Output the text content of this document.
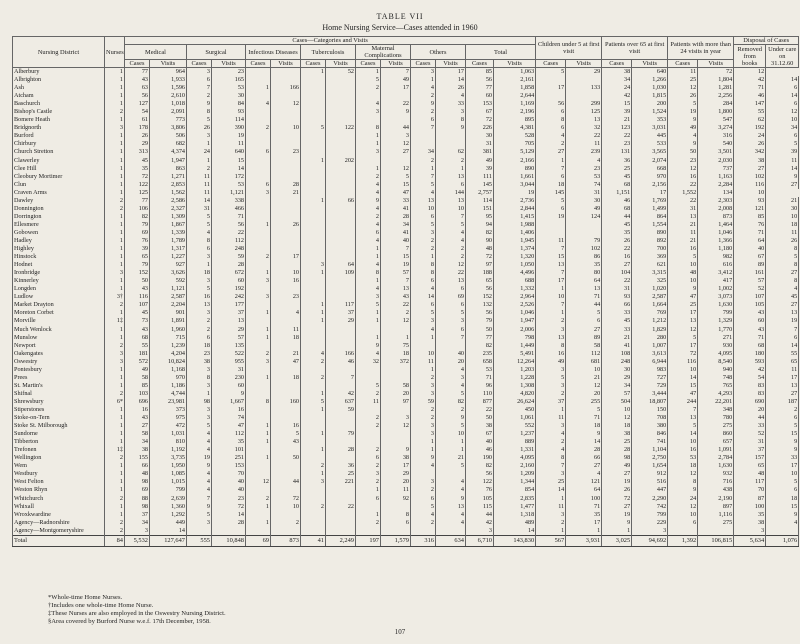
TABLE VII
Home Nursing Service—Cases attended in 1960
Nursing District	Nurses	Cases—Categories and Visits														Children under 5 at first visit		Patients over 65 at first visit		Patients with more than 24 visits in year		Disposal of Cases	
		Medical		Surgical		Infectious Diseases		Tuberculosis		Maternal Complications		Others		Total								Removed from books	Under care on 31.12.60
		Cases	Visits	Cases	Visits	Cases	Visits	Cases	Visits	Cases	Visits	Cases	Visits	Cases	Visits	Cases	Visits	Cases	Visits	Cases	Visits		
Alberbury	1	77	964	3	23			1	52	1	7	3	17	85	1,063	5	29	38	640	11	72	12	
Albrighton	1	43	1,933	6	165					5	49	1	14	56	2,161			34	1,266	25	1,804	42	14
Ash	1	63	1,596	7	53	1	166			2	17	4	26	77	1,858	17	133	24	1,030	12	1,281	71	6
Atcham	1	56	2,610	2	30							2	4	60	2,644			42	1,815	26	2,256	46	14
Baschurch	1	127	1,018	9	84	4	12			4	22	9	33	153	1,169	56	299	15	200	5	284	147	6
Bishop's Castle	2	54	2,091	8	93					3	9	2	3	67	2,196	6	125	39	1,524	19	1,800	55	12
Bomere Heath	1	61	773	5	114							6	8	72	895	8	13	21	353	9	547	62	10
Bridgnorth	3	178	3,806	26	390	2	10	5	122	8	44	7	9	226	4,381	6	32	123	3,031	49	3,274	192	34
Burford	1	26	506	3	19					1	3			30	528	4	22	22	445	4	316	24	6
Chirbury	1	29	682	1	11					1	12			31	705	2	11	23	533	9	540	26	5
Church Stretton	1	313	4,374	24	640	6	23			3	27	34	62	381	5,129	27	239	131	3,565	50	3,501	342	39
Clawerley	1	45	1,947	1	15			1	202			2	2	49	2,166	1	4	36	2,074	23	2,030	38	11
Clee Hill	1	35	863	2	14					1	12	1	1	39	890	7	23	25	668	12	737	27	14
Cleobury Mortimer	1	72	1,271	11	172					2	5	7	13	111	1,661	6	53	45	970	16	1,163	102	9
Clun	1	122	2,853	11	53	6	28			4	15	5	6	145	3,044	18	74	68	2,156	22	2,284	116	27
Craven Arms	1	125	1,562	11	1,121	3	21			4	47	4	144	2,757	19	145	31	1,151	17	1,552	134	10	
Dawley	2	77	2,586	14	338			1	66	9	33	13	13	114	2,736	5	30	46	1,769	22	2,303	93	21
Donnington	2	106	2,327	31	466					4	41	10	10	151	2,844	6	49	68	1,499	31	2,008	121	30
Dorrington	1	82	1,309	5	71					2	28	6	7	95	1,415	19	124	44	864	13	873	85	10
Ellesmere	1	79	1,867	5	56	1	26			4	34	5	5	94	1,988			45	1,554	21	1,464	76	18
Gobowen	1	69	1,339	4	22					6	41	3	4	82	1,406			35	890	11	1,046	71	11
Hadley	1	76	1,789	8	112					4	40	2	4	90	1,945	11	79	26	892	21	1,366	64	26
Highley	1	39	1,317	6	248					1	7	2	2	48	1,374	7	102	22	700	16	1,180	40	8
Hinstock	1	65	1,227	3	59	2	17			1	15	1	2	72	1,320	15	86	16	369	5	982	67	5
Hodnet	1	79	927	1	28			3	64	4	19	8	12	97	1,050	13	35	27	621	10	616	89	8
Ironbridge	3	152	3,626	18	672	1	10	1	109	8	57	8	22	188	4,496	7	80	104	3,315	48	3,412	161	27
Kinnerley	1	50	592	3	60	3	16			1	7	6	13	65	688	17	64	22	325	10	417	57	8
Longden	1	43	1,121	5	192					4	13	4	6	56	1,332	1	13	31	1,020	9	1,002	52	4
Ludlow	3†	116	2,587	16	242	3	23			3	43	14	69	152	2,964	10	71	93	2,587	47	3,073	107	45
Market Drayton	2	107	2,204	13	177			1	117	5	22	6	6	132	2,526	7	44	66	1,664	25	1,630	105	27
Moreton Corbet	1	45	901	3	37	1	4	1	37	1	2	5	5	56	1,046	1	5	33	769	17	799	43	13
Morville	1‡	73	1,891	2	13			1	29	1	12	3	3	79	1,947	2	6	45	1,212	13	1,329	60	19
Much Wenlock	1	43	1,960	2	29	1	11					4	6	50	2,006	3	27	33	1,829	12	1,770	43	7
Munslow	1	68	715	6	57	1	18			1	1	1	7	77	798	13	89	21	280	5	271	71	6
Newport	2	55	1,239	18	135					9	75			82	1,449	8	58	41	1,007	17	930	68	14
Oakengates	3	181	4,204	23	522	2	21	4	166	4	18	10	40	235	5,491	16	112	108	3,613	72	4,095	180	55
Oswestry	3	572	10,824	38	955	3	47	2	46	32	372	11	20	658	12,264	49	681	248	6,944	116	8,540	593	65
Pontesbury	1	49	1,168	3	31							1	4	53	1,203	3	10	30	983	10	940	42	11
Prees	1	58	970	8	230	1	18	2	7			2	3	71	1,228	5	21	29	727	14	748	54	17
St. Martin's	1	85	1,186	3	60					5	58	3	4	96	1,308	3	12	34	729	15	765	83	13
Shifnal	2	103	4,744	1	9			1	42	2	20	3	5	110	4,820	2	20	57	3,444	47	4,293	83	27
Shrewsbury	6*	696	23,981	98	1,667	8	160	5	637	11	97	59	82	877	26,624	37	255	504	18,807	244	22,201	690	187
Stiperstones	1	16	373	3	16			1	59			2	2	22	450	1	5	10	150	7	348	20	2
Stoke-on-Tern	1	43	975	3	74					2	3	2	9	50	1,061	11	71	12	708	13	780	44	6
Stoke St. Milborough	1	27	472	5	47	1	16			2	12	3	5	38	552	3	18	18	380	5	275	33	5
Sundorne	1	58	1,031	4	112	1	5	1	79			3	10	67	1,237	4	9	38	846	14	860	52	15
Tibberton	1	34	810	4	35	1	43					1	1	40	889	2	14	25	741	10	657	31	9
Trefonen	1‡	38	1,192	4	101			1	28	2	9	1	1	46	1,331	4	28	28	1,104	16	1,091	37	9
Wellington	2	155	3,735	19	251	1	50			6	38	9	21	190	4,095	8	66	98	2,750	53	2,784	157	33
Wem	1	66	1,950	9	153			2	36	2	17	4	5	82	2,160	7	27	49	1,654	18	1,630	65	17
Westbury	1	48	1,085	4	70			1	25	3	29			56	1,209	3	4	27	912	12	932	48	10
West Felton	1	98	1,015	4	40	12	44	3	221	2	20	3	4	122	1,344	25	121	19	516	8	716	117	5
Weston Rhyn	1	69	799	4	40					1	11	2	4	76	854	14	64	26	447	9	438	70	6
Whitchurch	2	88	2,639	7	23	2	72			6	92	6	9	105	2,835	1	100	72	2,290	24	2,190	87	18
Whixall	1	98	1,360	9	72	1	10	2	22			5	13	115	1,477	11	71	27	742	12	897	100	15
Wroxkwardine	1	37	1,292	5	14					1	8	4	4	44	1,318	3	35	19	799	10	1,116	35	9
Agency—Radnorshire	2	34	449	3	28	1	2			2	6	2	4	42	489	2	17	9	229	6	275	38	4
Agency—Montgomeryshire	2	3	14											3	14	1	1	1	3			3	
Total	84	5,532	127,647	555	10,848	69	873	41	2,249	197	1,579	316	634	6,710	143,830	567	3,931	3,025	94,692	1,392	106,815	5,634	1,076
*Whole-time Home Nurses.
†Includes one whole-time Home Nurse.
‡These Nurses are also employed in the Oswestry Nursing District.
§Area covered by Burford Nurse w.e.f. 17th December, 1958.
107
